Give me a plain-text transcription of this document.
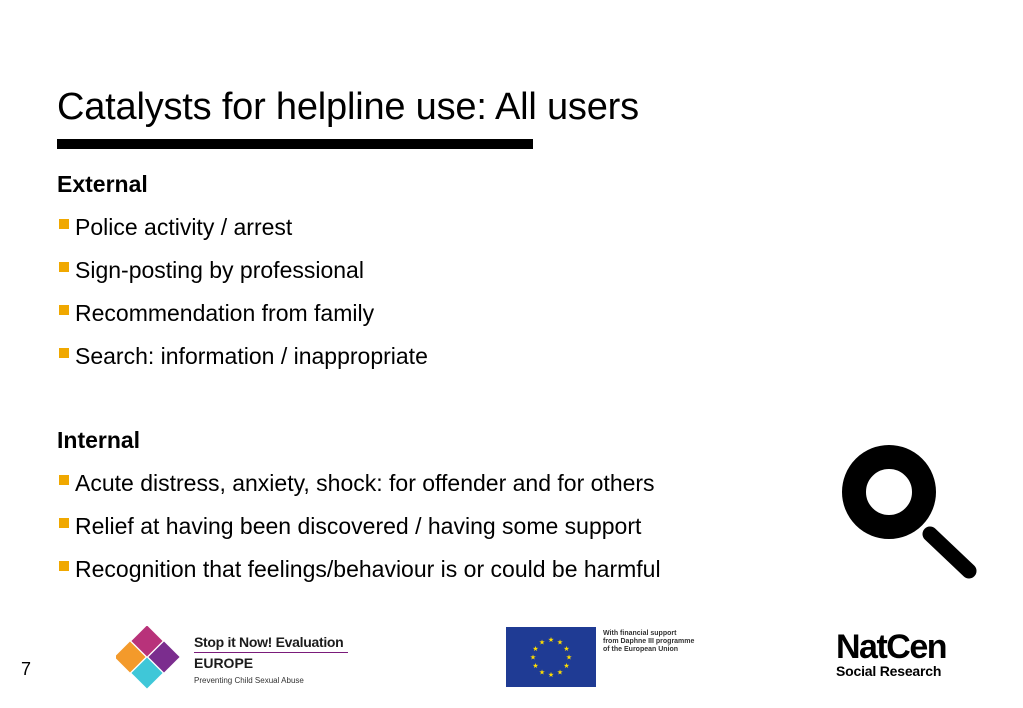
Catalysts for helpline use: All users
External
Police activity / arrest
Sign-posting by professional
Recommendation from family
Search: information / inappropriate
Internal
Acute distress, anxiety, shock: for offender and for others
Relief at having been discovered / having some support
Recognition that feelings/behaviour is or could be harmful
7
Stop it Now! Evaluation
EUROPE
Preventing Child Sexual Abuse
★ ★
★
★
★
★
★
★
★
★
★
★
With financial support
from Daphne III programme
of the European Union	NatCen
Social Research
